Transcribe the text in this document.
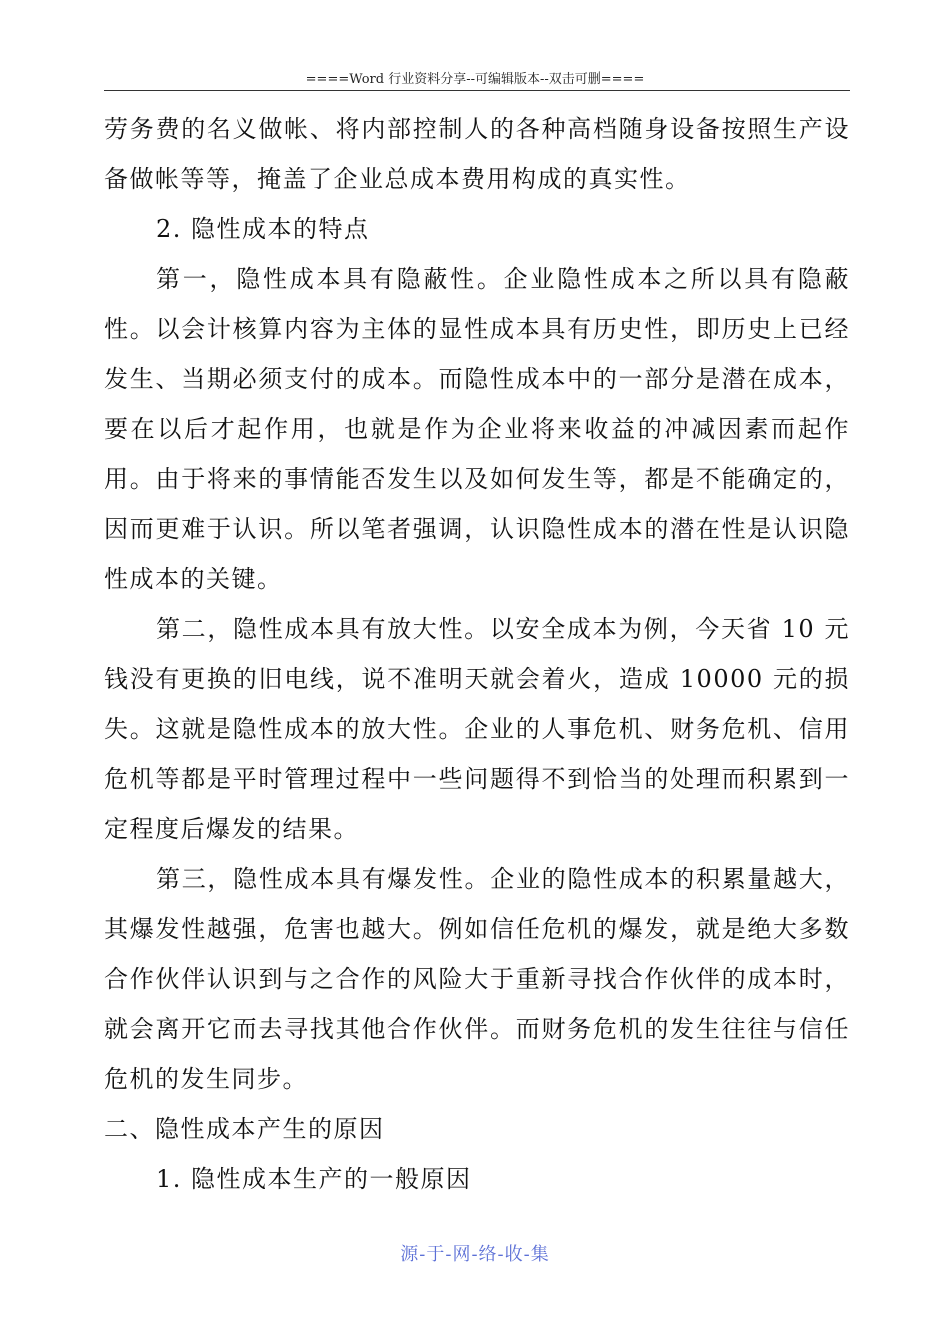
====Word 行业资料分享--可编辑版本--双击可删====

劳务费的名义做帐、将内部控制人的各种高档随身设备按照生产设备做帐等等，掩盖了企业总成本费用构成的真实性。

2. 隐性成本的特点

第一，隐性成本具有隐蔽性。企业隐性成本之所以具有隐蔽性。以会计核算内容为主体的显性成本具有历史性，即历史上已经发生、当期必须支付的成本。而隐性成本中的一部分是潜在成本，要在以后才起作用，也就是作为企业将来收益的冲减因素而起作用。由于将来的事情能否发生以及如何发生等，都是不能确定的，因而更难于认识。所以笔者强调，认识隐性成本的潜在性是认识隐性成本的关键。

第二，隐性成本具有放大性。以安全成本为例，今天省 10 元钱没有更换的旧电线，说不准明天就会着火，造成 10000 元的损失。这就是隐性成本的放大性。企业的人事危机、财务危机、信用危机等都是平时管理过程中一些问题得不到恰当的处理而积累到一定程度后爆发的结果。

第三，隐性成本具有爆发性。企业的隐性成本的积累量越大，其爆发性越强，危害也越大。例如信任危机的爆发，就是绝大多数合作伙伴认识到与之合作的风险大于重新寻找合作伙伴的成本时，就会离开它而去寻找其他合作伙伴。而财务危机的发生往往与信任危机的发生同步。

二、隐性成本产生的原因

1. 隐性成本生产的一般原因

源-于-网-络-收-集
